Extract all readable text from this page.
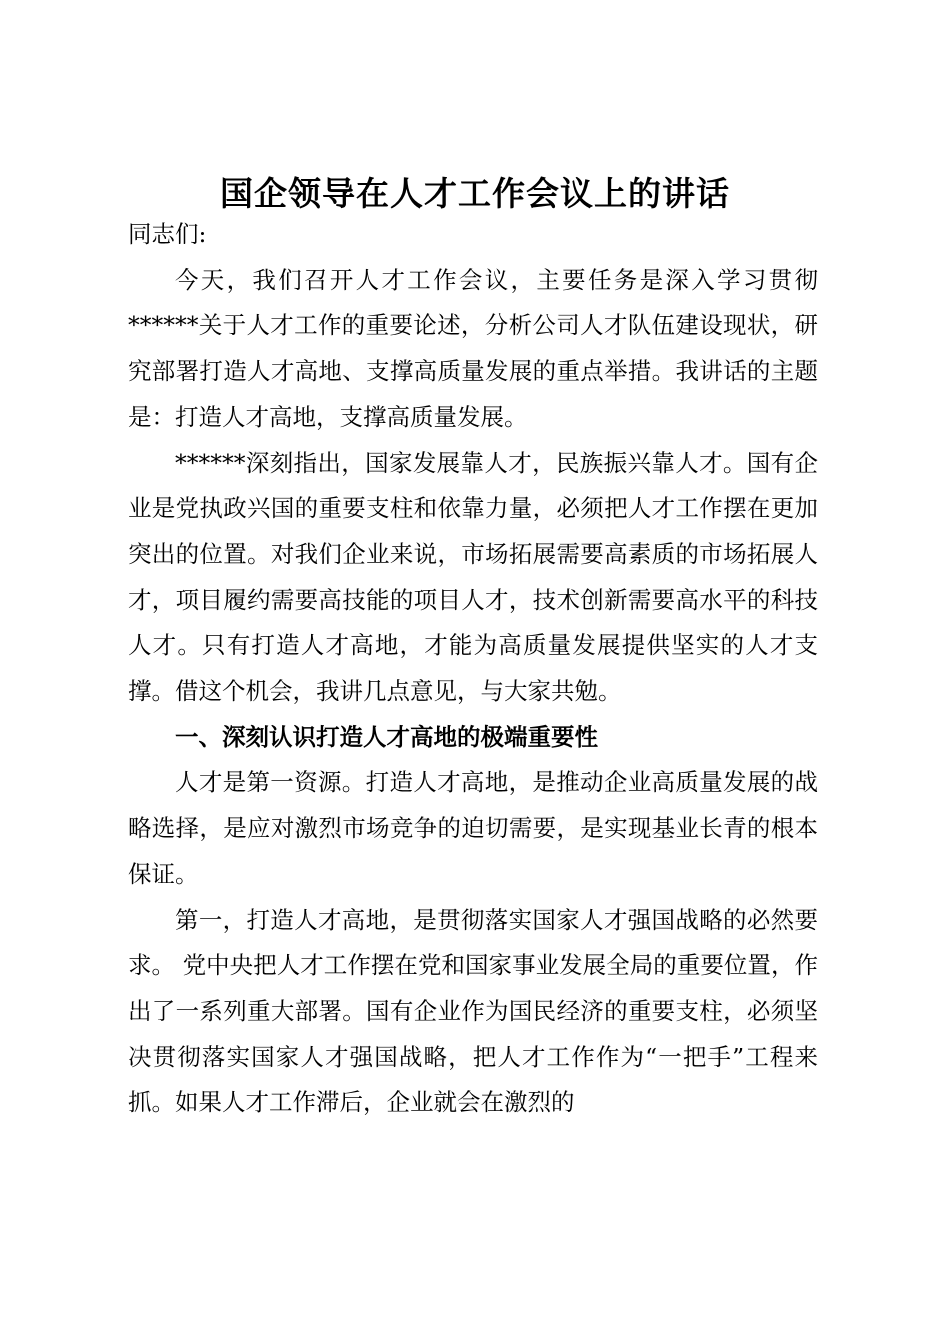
国企领导在人才工作会议上的讲话

同志们:

今天，我们召开人才工作会议，主要任务是深入学习贯彻******关于人才工作的重要论述，分析公司人才队伍建设现状，研究部署打造人才高地、支撑高质量发展的重点举措。我讲话的主题是：打造人才高地，支撑高质量发展。

******深刻指出，国家发展靠人才，民族振兴靠人才。国有企业是党执政兴国的重要支柱和依靠力量，必须把人才工作摆在更加突出的位置。对我们企业来说，市场拓展需要高素质的市场拓展人才，项目履约需要高技能的项目人才，技术创新需要高水平的科技人才。只有打造人才高地，才能为高质量发展提供坚实的人才支撑。借这个机会，我讲几点意见，与大家共勉。

一、深刻认识打造人才高地的极端重要性

人才是第一资源。打造人才高地，是推动企业高质量发展的战略选择，是应对激烈市场竞争的迫切需要，是实现基业长青的根本保证。

第一，打造人才高地，是贯彻落实国家人才强国战略的必然要求。 党中央把人才工作摆在党和国家事业发展全局的重要位置，作出了一系列重大部署。国有企业作为国民经济的重要支柱，必须坚决贯彻落实国家人才强国战略，把人才工作作为“一把手”工程来抓。如果人才工作滞后，企业就会在激烈的
